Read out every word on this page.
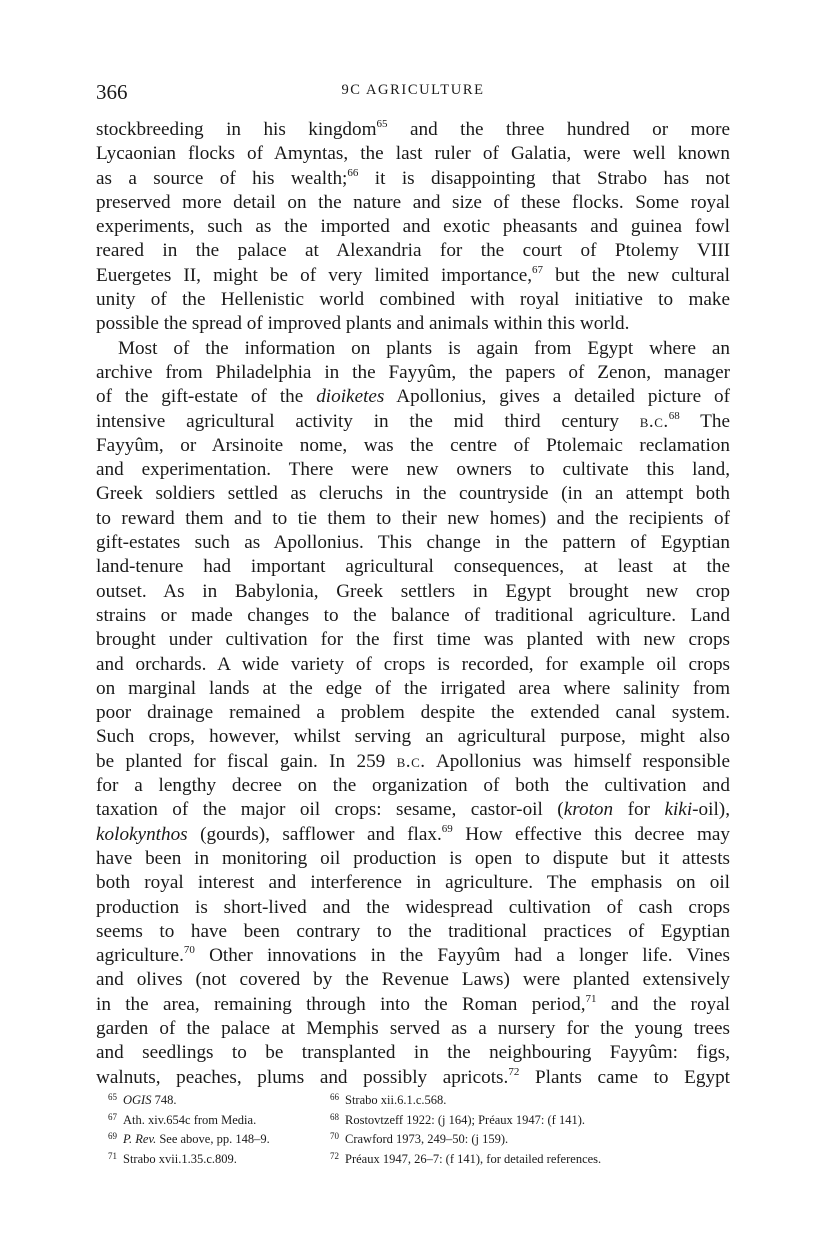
366	9C AGRICULTURE
stockbreeding in his kingdom$^{65}$ and the three hundred or more
Lycaonian flocks of Amyntas, the last ruler of Galatia, were well known
as a source of his wealth;$^{66}$ it is disappointing that Strabo has not
preserved more detail on the nature and size of these flocks. Some royal
experiments, such as the imported and exotic pheasants and guinea fowl
reared in the palace at Alexandria for the court of Ptolemy VIII
Euergetes II, might be of very limited importance,$^{67}$ but the new cultural
unity of the Hellenistic world combined with royal initiative to make
possible the spread of improved plants and animals within this world.
Most of the information on plants is again from Egypt where an
archive from Philadelphia in the Fayyûm, the papers of Zenon, manager
of the gift-estate of the dioiketes Apollonius, gives a detailed picture of
intensive agricultural activity in the mid third century b.c.$^{68}$ The
Fayyûm, or Arsinoite nome, was the centre of Ptolemaic reclamation
and experimentation. There were new owners to cultivate this land,
Greek soldiers settled as cleruchs in the countryside (in an attempt both
to reward them and to tie them to their new homes) and the recipients of
gift-estates such as Apollonius. This change in the pattern of Egyptian
land-tenure had important agricultural consequences, at least at the
outset. As in Babylonia, Greek settlers in Egypt brought new crop
strains or made changes to the balance of traditional agriculture. Land
brought under cultivation for the first time was planted with new crops
and orchards. A wide variety of crops is recorded, for example oil crops
on marginal lands at the edge of the irrigated area where salinity from
poor drainage remained a problem despite the extended canal system.
Such crops, however, whilst serving an agricultural purpose, might also
be planted for fiscal gain. In 259 b.c. Apollonius was himself responsible
for a lengthy decree on the organization of both the cultivation and
taxation of the major oil crops: sesame, castor-oil (kroton for kiki-oil),
kolokynthos (gourds), safflower and flax.$^{69}$ How effective this decree may
have been in monitoring oil production is open to dispute but it attests
both royal interest and interference in agriculture. The emphasis on oil
production is short-lived and the widespread cultivation of cash crops
seems to have been contrary to the traditional practices of Egyptian
agriculture.$^{70}$ Other innovations in the Fayyûm had a longer life. Vines
and olives (not covered by the Revenue Laws) were planted extensively
in the area, remaining through into the Roman period,$^{71}$ and the royal
garden of the palace at Memphis served as a nursery for the young trees
and seedlings to be transplanted in the neighbouring Fayyûm: figs,
walnuts, peaches, plums and possibly apricots.$^{72}$ Plants came to Egypt
$^{65}$ OGIS 748.	$^{66}$ Strabo xii.6.1.c.568.
$^{67}$ Ath. xiv.654c from Media.	$^{68}$ Rostovtzeff 1922: (j 164); Préaux 1947: (f 141).
$^{69}$ P. Rev. See above, pp. 148–9.	$^{70}$ Crawford 1973, 249–50: (j 159).
$^{71}$ Strabo xvii.1.35.c.809.	$^{72}$ Préaux 1947, 26–7: (f 141), for detailed references.
